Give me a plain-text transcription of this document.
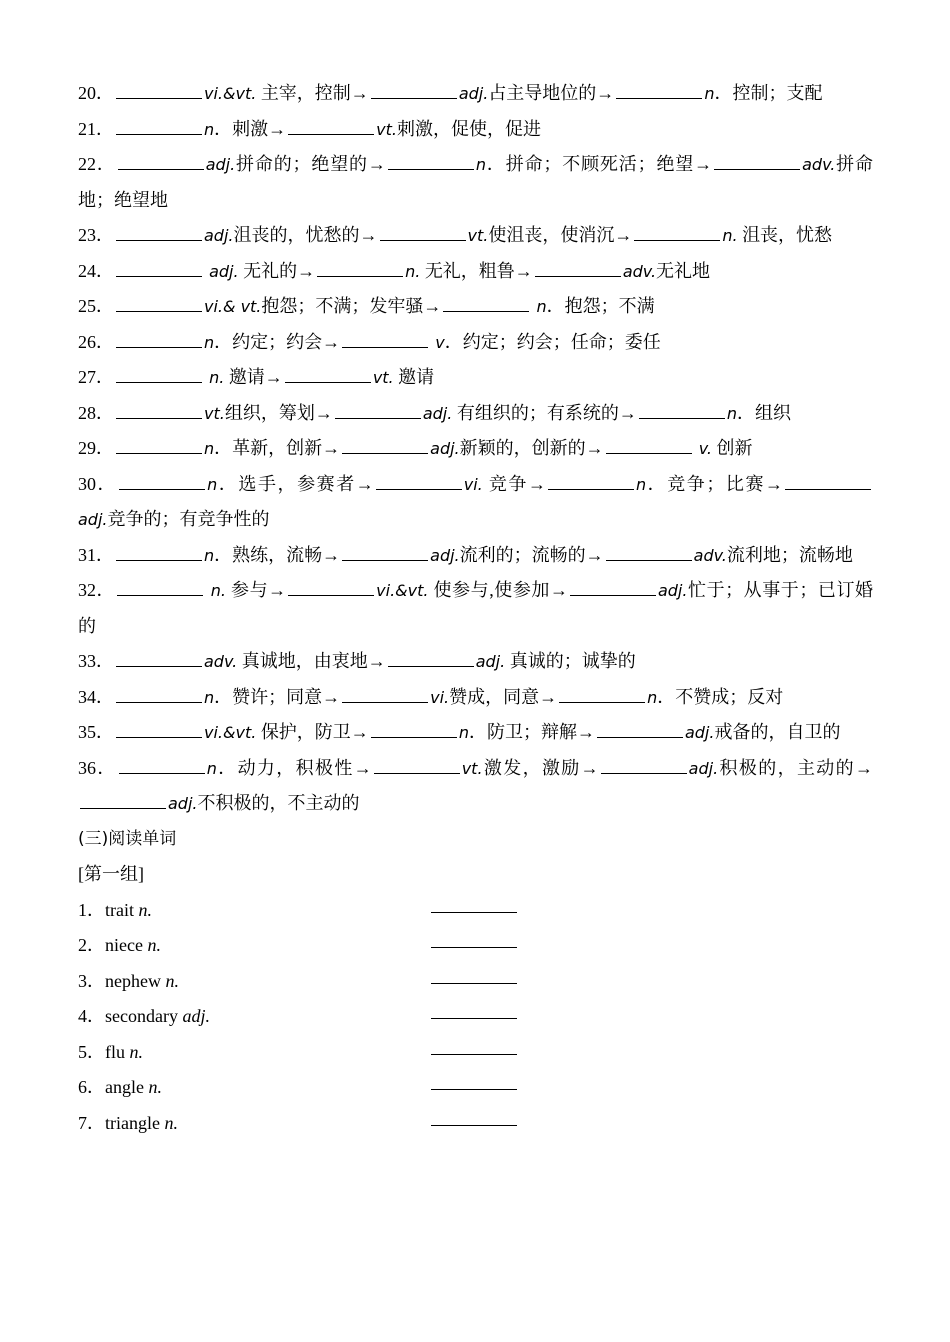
20．	vi.&vt. 主宰，控制→	adj.占主导地位的→	n．控制；支配
21．	n．刺激→	vt.刺激，促使，促进
22．	adj.拼命的；绝望的→	n．拼命；不顾死活；绝望→	adv.拼命地；绝望地
23．	adj.沮丧的，忧愁的→	vt.使沮丧，使消沉→	n. 沮丧，忧愁
24．	adj. 无礼的→	n. 无礼，粗鲁→	adv.无礼地
25．	vi.& vt.抱怨；不满；发牢骚→	n．抱怨；不满
26．	n．约定；约会→	v．约定；约会；任命；委任
27．	n. 邀请→	vt. 邀请
28．	vt.组织，筹划→	adj. 有组织的；有系统的→	n．组织
29．	n．革新，创新→	adj.新颖的，创新的→	v. 创新
30．	n．选手，参赛者→	vi. 竞争→	n．竞争；比赛→ adj.竞争的；有竞争性的
31．	n．熟练，流畅→	adj.流利的；流畅的→	adv.流利地；流畅地
32．	n. 参与→	vi.&vt. 使参与,使参加→	adj.忙于；从事于；已订婚的
33．	adv. 真诚地，由衷地→	adj. 真诚的；诚挚的
34．	n．赞许；同意→	vi.赞成，同意→	n．不赞成；反对
35．	vi.&vt. 保护，防卫→	n．防卫；辩解→	adj.戒备的，自卫的
36．	n．动力，积极性→	vt.激发，激励→	adj.积极的，主动的→adj.不积极的，不主动的
(三)阅读单词
[第一组]
1．trait n.
2．niece n.
3．nephew n.
4．secondary adj.
5．flu n.
6．angle n.
7．triangle n.
